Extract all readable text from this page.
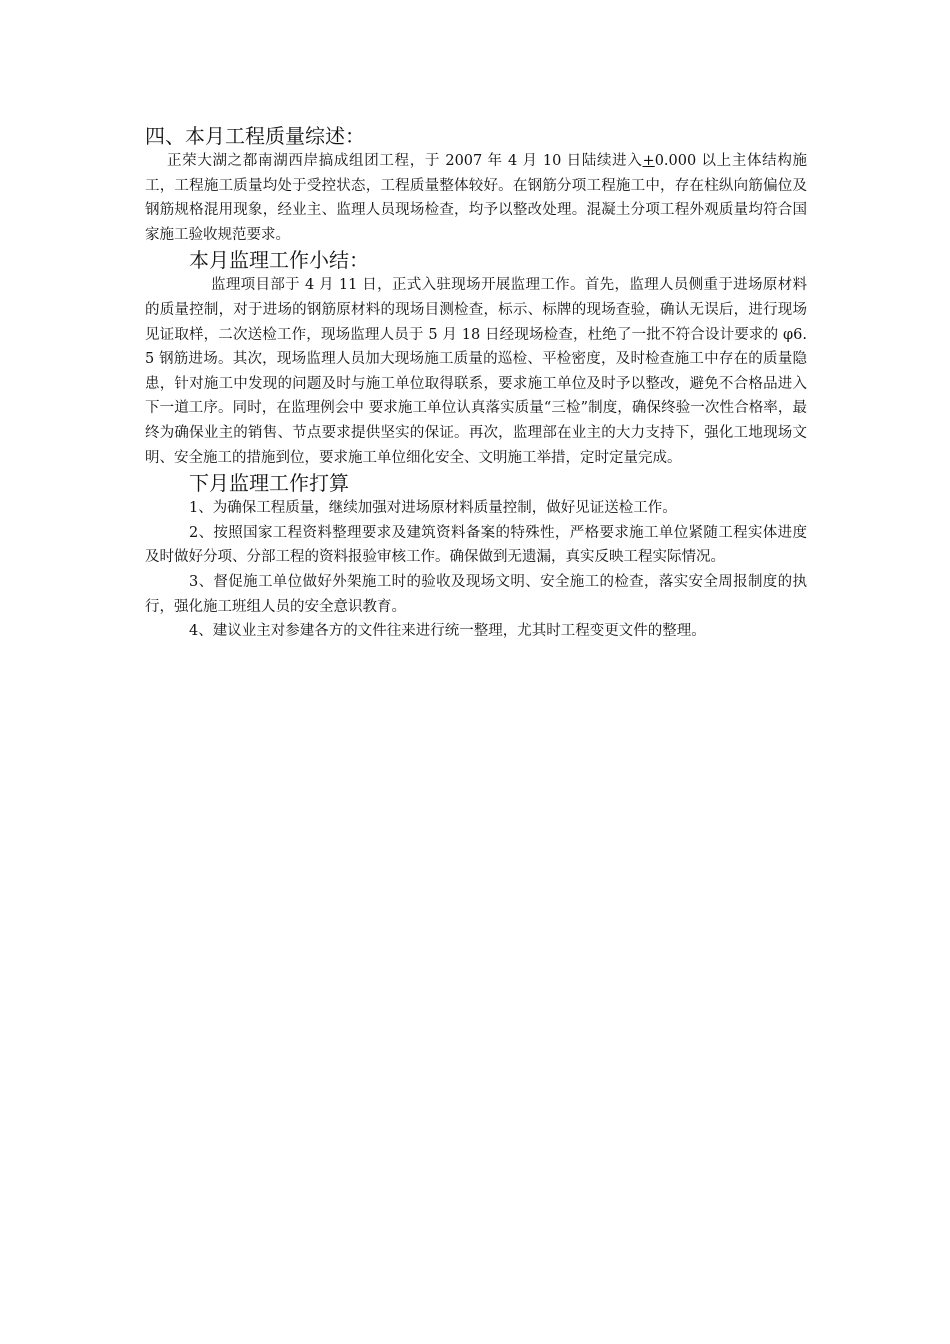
四、本月工程质量综述：

正荣大湖之都南湖西岸搞成组团工程，于 2007 年 4 月 10 日陆续进入+0.000 以上主体结构施工，工程施工质量均处于受控状态，工程质量整体较好。在钢筋分项工程施工中，存在柱纵向筋偏位及钢筋规格混用现象，经业主、监理人员现场检查，均予以整改处理。混凝土分项工程外观质量均符合国家施工验收规范要求。

本月监理工作小结：

监理项目部于 4 月 11 日，正式入驻现场开展监理工作。首先，监理人员侧重于进场原材料的质量控制，对于进场的钢筋原材料的现场目测检查，标示、标牌的现场查验，确认无误后，进行现场见证取样，二次送检工作，现场监理人员于 5 月 18 日经现场检查，杜绝了一批不符合设计要求的 φ6.5 钢筋进场。其次，现场监理人员加大现场施工质量的巡检、平检密度，及时检查施工中存在的质量隐患，针对施工中发现的问题及时与施工单位取得联系，要求施工单位及时予以整改，避免不合格品进入下一道工序。同时，在监理例会中 要求施工单位认真落实质量“三检”制度，确保终验一次性合格率，最终为确保业主的销售、节点要求提供坚实的保证。再次，监理部在业主的大力支持下，强化工地现场文明、安全施工的措施到位，要求施工单位细化安全、文明施工举措，定时定量完成。

下月监理工作打算

1、为确保工程质量，继续加强对进场原材料质量控制，做好见证送检工作。

2、按照国家工程资料整理要求及建筑资料备案的特殊性，严格要求施工单位紧随工程实体进度及时做好分项、分部工程的资料报验审核工作。确保做到无遗漏，真实反映工程实际情况。

3、督促施工单位做好外架施工时的验收及现场文明、安全施工的检查，落实安全周报制度的执行，强化施工班组人员的安全意识教育。

4、建议业主对参建各方的文件往来进行统一整理，尤其时工程变更文件的整理。
